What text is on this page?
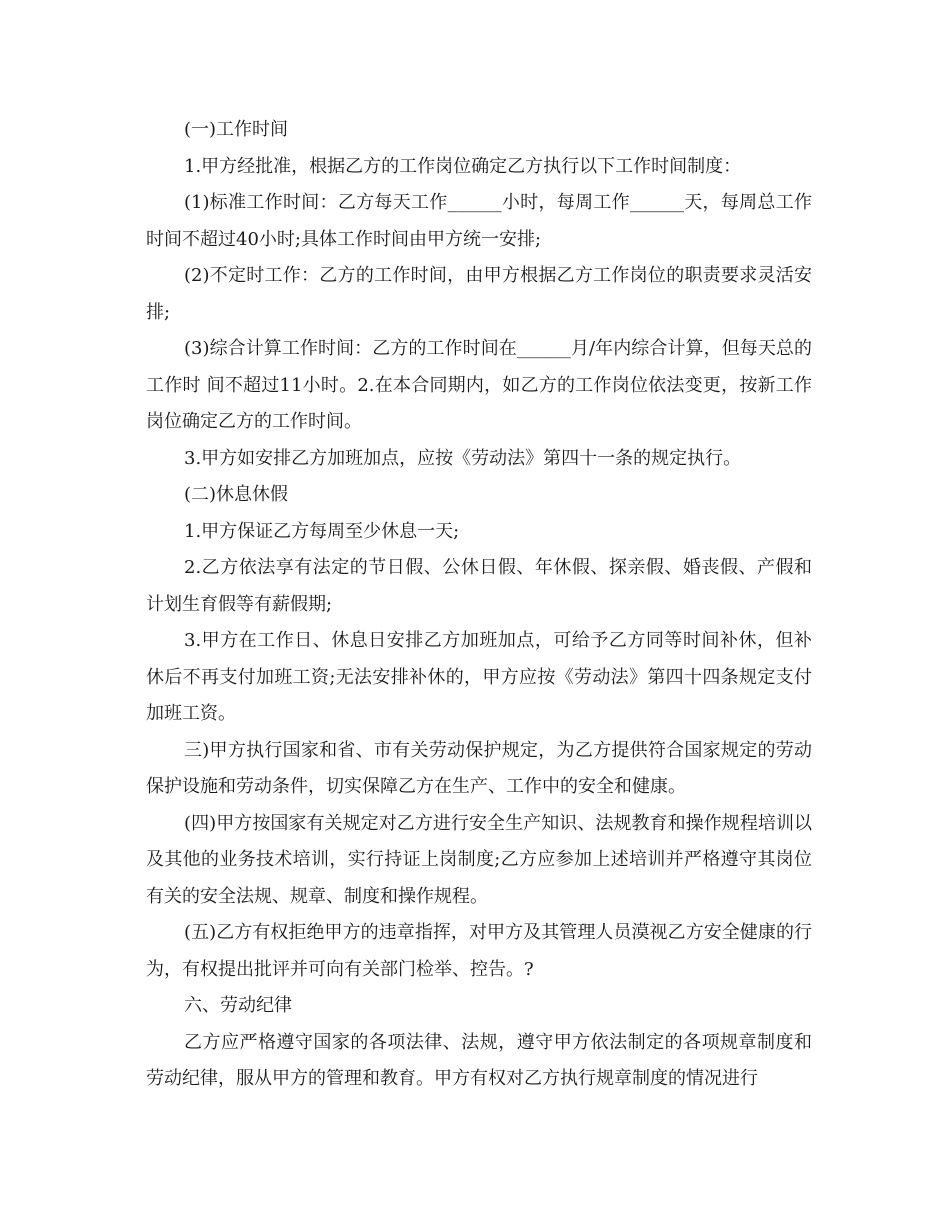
(一)工作时间

1.甲方经批准，根据乙方的工作岗位确定乙方执行以下工作时间制度：

(1)标准工作时间：乙方每天工作______小时，每周工作______天，每周总工作时间不超过40小时;具体工作时间由甲方统一安排;

(2)不定时工作：乙方的工作时间，由甲方根据乙方工作岗位的职责要求灵活安排;

(3)综合计算工作时间：乙方的工作时间在______月/年内综合计算，但每天总的工作时 间不超过11小时。2.在本合同期内，如乙方的工作岗位依法变更，按新工作岗位确定乙方的工作时间。

3.甲方如安排乙方加班加点，应按《劳动法》第四十一条的规定执行。

(二)休息休假

1.甲方保证乙方每周至少休息一天;

2.乙方依法享有法定的节日假、公休日假、年休假、探亲假、婚丧假、产假和计划生育假等有薪假期;

3.甲方在工作日、休息日安排乙方加班加点，可给予乙方同等时间补休，但补休后不再支付加班工资;无法安排补休的，甲方应按《劳动法》第四十四条规定支付加班工资。

三)甲方执行国家和省、市有关劳动保护规定，为乙方提供符合国家规定的劳动保护设施和劳动条件，切实保障乙方在生产、工作中的安全和健康。

(四)甲方按国家有关规定对乙方进行安全生产知识、法规教育和操作规程培训以及其他的业务技术培训，实行持证上岗制度;乙方应参加上述培训并严格遵守其岗位有关的安全法规、规章、制度和操作规程。

(五)乙方有权拒绝甲方的违章指挥，对甲方及其管理人员漠视乙方安全健康的行为，有权提出批评并可向有关部门检举、控告。?

六、劳动纪律

乙方应严格遵守国家的各项法律、法规，遵守甲方依法制定的各项规章制度和劳动纪律，服从甲方的管理和教育。甲方有权对乙方执行规章制度的情况进行
